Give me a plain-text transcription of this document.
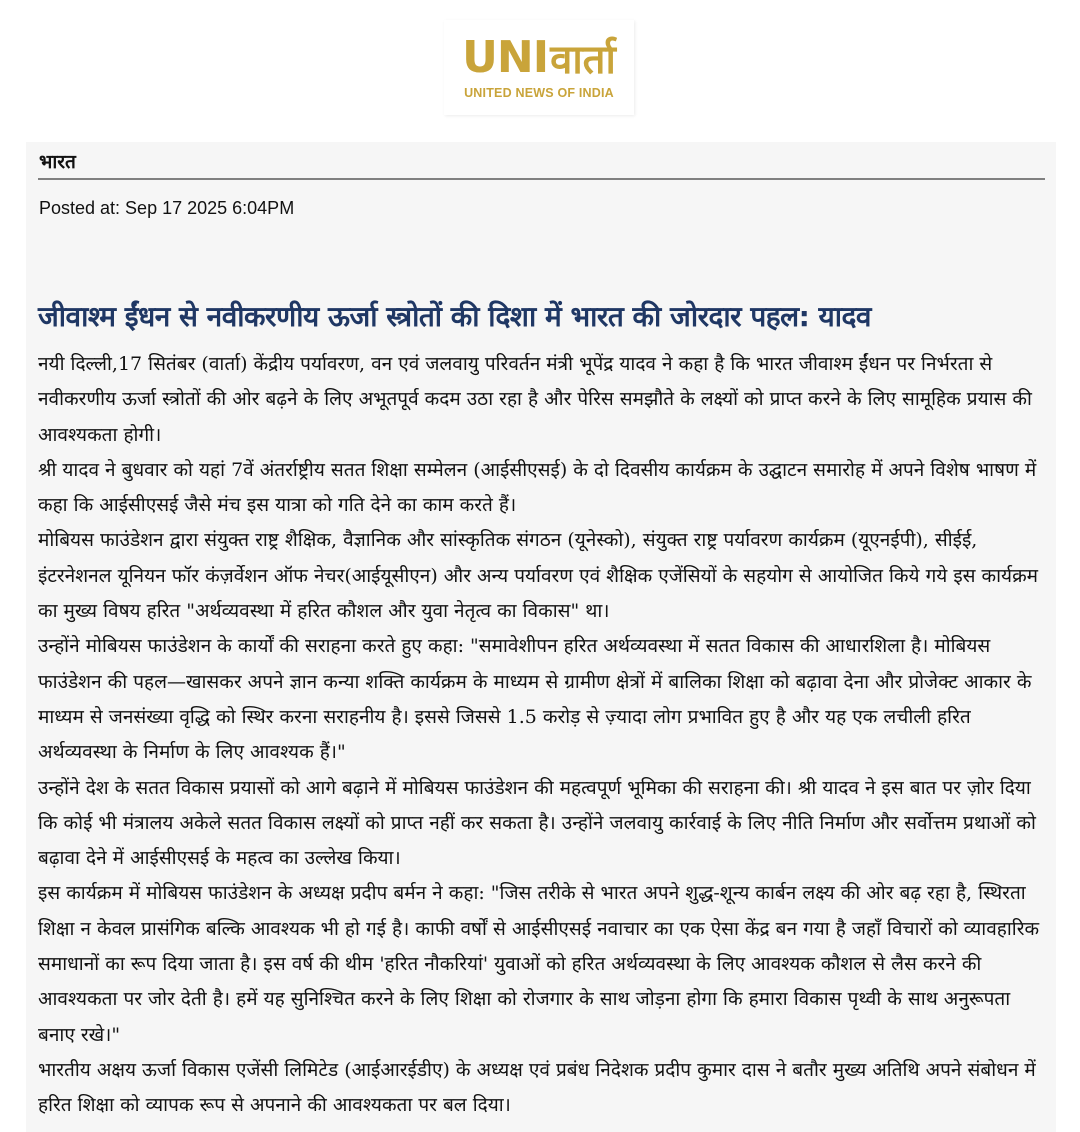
UNI वार्ता
UNITED NEWS OF INDIA
भारत
Posted at: Sep 17 2025 6:04PM
जीवाश्म ईंधन से नवीकरणीय ऊर्जा स्त्रोतों की दिशा में भारत की जोरदार पहल: यादव

नयी दिल्ली,17 सितंबर (वार्ता) केंद्रीय पर्यावरण, वन एवं जलवायु परिवर्तन मंत्री भूपेंद्र यादव ने कहा है कि भारत जीवाश्म ईंधन पर निर्भरता से नवीकरणीय ऊर्जा स्त्रोतों की ओर बढ़ने के लिए अभूतपूर्व कदम उठा रहा है और पेरिस समझौते के लक्ष्यों को प्राप्त करने के लिए सामूहिक प्रयास की आवश्यकता होगी।

श्री यादव ने बुधवार को यहां 7वें अंतर्राष्ट्रीय सतत शिक्षा सम्मेलन (आईसीएसई) के दो दिवसीय कार्यक्रम के उद्घाटन समारोह में अपने विशेष भाषण में कहा कि आईसीएसई जैसे मंच इस यात्रा को गति देने का काम करते हैं।

मोबियस फाउंडेशन द्वारा संयुक्त राष्ट्र शैक्षिक, वैज्ञानिक और सांस्कृतिक संगठन (यूनेस्को), संयुक्त राष्ट्र पर्यावरण कार्यक्रम (यूएनईपी), सीईई, इंटरनेशनल यूनियन फॉर कंज़र्वेशन ऑफ नेचर(आईयूसीएन) और अन्य पर्यावरण एवं शैक्षिक एजेंसियों के सहयोग से आयोजित किये गये इस कार्यक्रम का मुख्य विषय हरित "अर्थव्यवस्था में हरित कौशल और युवा नेतृत्व का विकास" था।

उन्होंने मोबियस फाउंडेशन के कार्यों की सराहना करते हुए कहा: "समावेशीपन हरित अर्थव्यवस्था में सतत विकास की आधारशिला है। मोबियस फाउंडेशन की पहल—खासकर अपने ज्ञान कन्या शक्ति कार्यक्रम के माध्यम से ग्रामीण क्षेत्रों में बालिका शिक्षा को बढ़ावा देना और प्रोजेक्ट आकार के माध्यम से जनसंख्या वृद्धि को स्थिर करना सराहनीय है। इससे जिससे 1.5 करोड़ से ज़्यादा लोग प्रभावित हुए है और यह एक लचीली हरित अर्थव्यवस्था के निर्माण के लिए आवश्यक हैं।"

उन्होंने देश के सतत विकास प्रयासों को आगे बढ़ाने में मोबियस फाउंडेशन की महत्वपूर्ण भूमिका की सराहना की। श्री यादव ने इस बात पर ज़ोर दिया कि कोई भी मंत्रालय अकेले सतत विकास लक्ष्यों को प्राप्त नहीं कर सकता है। उन्होंने जलवायु कार्रवाई के लिए नीति निर्माण और सर्वोत्तम प्रथाओं को बढ़ावा देने में आईसीएसई के महत्व का उल्लेख किया।

इस कार्यक्रम में मोबियस फाउंडेशन के अध्यक्ष प्रदीप बर्मन ने कहा: "जिस तरीके से भारत अपने शुद्ध-शून्य कार्बन लक्ष्य की ओर बढ़ रहा है, स्थिरता शिक्षा न केवल प्रासंगिक बल्कि आवश्यक भी हो गई है। काफी वर्षों से आईसीएसई नवाचार का एक ऐसा केंद्र बन गया है जहाँ विचारों को व्यावहारिक समाधानों का रूप दिया जाता है। इस वर्ष की थीम 'हरित नौकरियां' युवाओं को हरित अर्थव्यवस्था के लिए आवश्यक कौशल से लैस करने की आवश्यकता पर जोर देती है। हमें यह सुनिश्चित करने के लिए शिक्षा को रोजगार के साथ जोड़ना होगा कि हमारा विकास पृथ्वी के साथ अनुरूपता बनाए रखे।"

भारतीय अक्षय ऊर्जा विकास एजेंसी लिमिटेड (आईआरईडीए) के अध्यक्ष एवं प्रबंध निदेशक प्रदीप कुमार दास ने बतौर मुख्य अतिथि अपने संबोधन में हरित शिक्षा को व्यापक रूप से अपनाने की आवश्यकता पर बल दिया।
